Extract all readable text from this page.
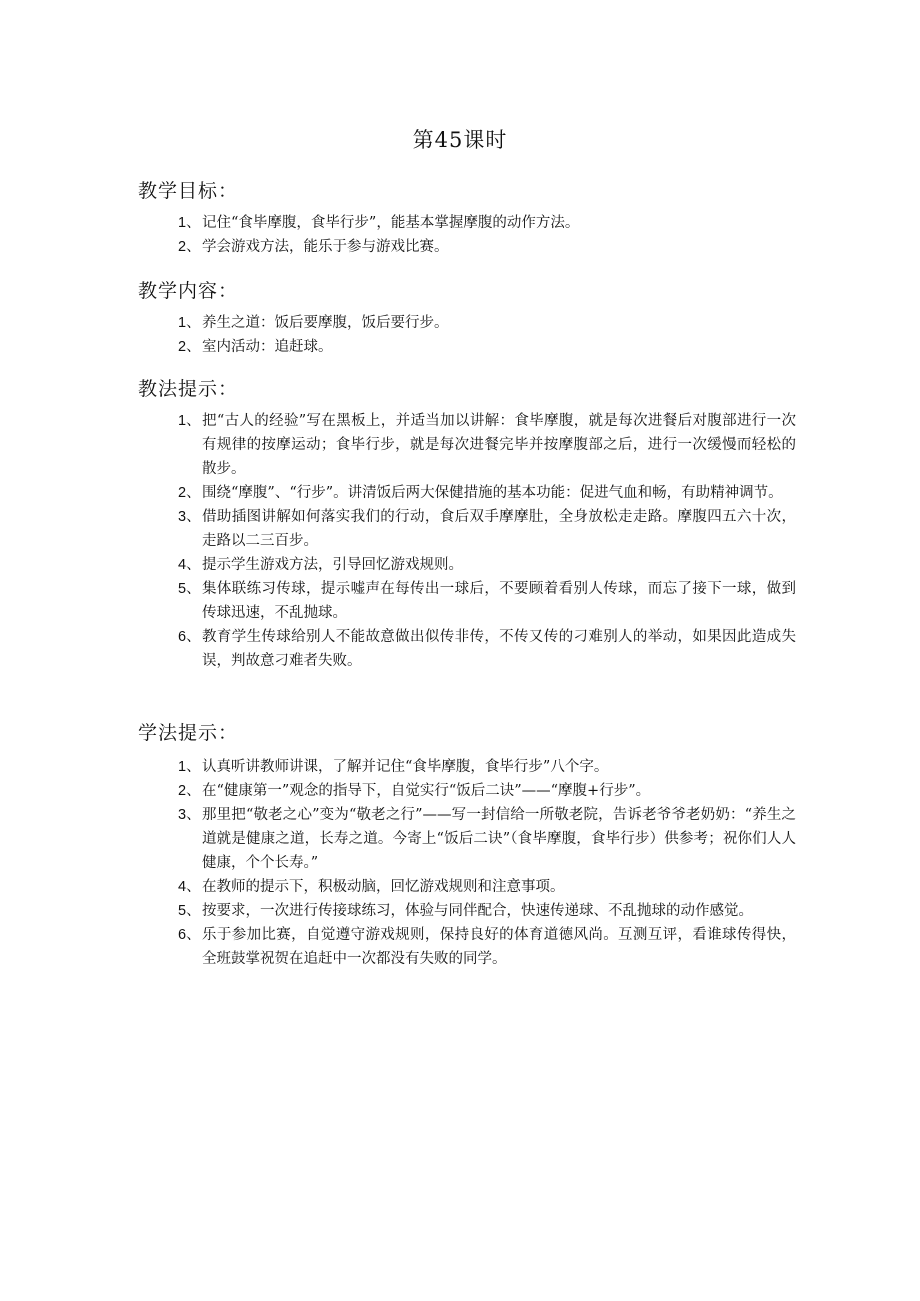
第45课时
教学目标：
1、 记住“食毕摩腹，食毕行步”，能基本掌握摩腹的动作方法。
2、 学会游戏方法，能乐于参与游戏比赛。
教学内容：
1、 养生之道：饭后要摩腹，饭后要行步。
2、 室内活动：追赶球。
教法提示：
1、 把“古人的经验”写在黑板上，并适当加以讲解：食毕摩腹，就是每次进餐后对腹部进行一次有规律的按摩运动；食毕行步，就是每次进餐完毕并按摩腹部之后，进行一次缓慢而轻松的散步。
2、 围绕“摩腹”、“行步”。讲清饭后两大保健措施的基本功能：促进气血和畅，有助精神调节。
3、 借助插图讲解如何落实我们的行动，食后双手摩摩肚，全身放松走走路。摩腹四五六十次，走路以二三百步。
4、 提示学生游戏方法，引导回忆游戏规则。
5、 集体联练习传球，提示嘘声在每传出一球后，不要顾着看别人传球，而忘了接下一球，做到传球迅速，不乱抛球。
6、 教育学生传球给别人不能故意做出似传非传，不传又传的刁难别人的举动，如果因此造成失误，判故意刁难者失败。
学法提示：
1、 认真听讲教师讲课，了解并记住“食毕摩腹，食毕行步”八个字。
2、 在“健康第一”观念的指导下，自觉实行“饭后二诀”——“摩腹+行步”。
3、 那里把“敬老之心”变为“敬老之行”——写一封信给一所敬老院，告诉老爷爷老奶奶：“养生之道就是健康之道，长寿之道。今寄上“饭后二诀”（食毕摩腹，食毕行步）供参考；祝你们人人健康，个个长寿。”
4、 在教师的提示下，积极动脑，回忆游戏规则和注意事项。
5、 按要求，一次进行传接球练习，体验与同伴配合，快速传递球、不乱抛球的动作感觉。
6、 乐于参加比赛，自觉遵守游戏规则，保持良好的体育道德风尚。互测互评，看谁球传得快，全班鼓掌祝贺在追赶中一次都没有失败的同学。
